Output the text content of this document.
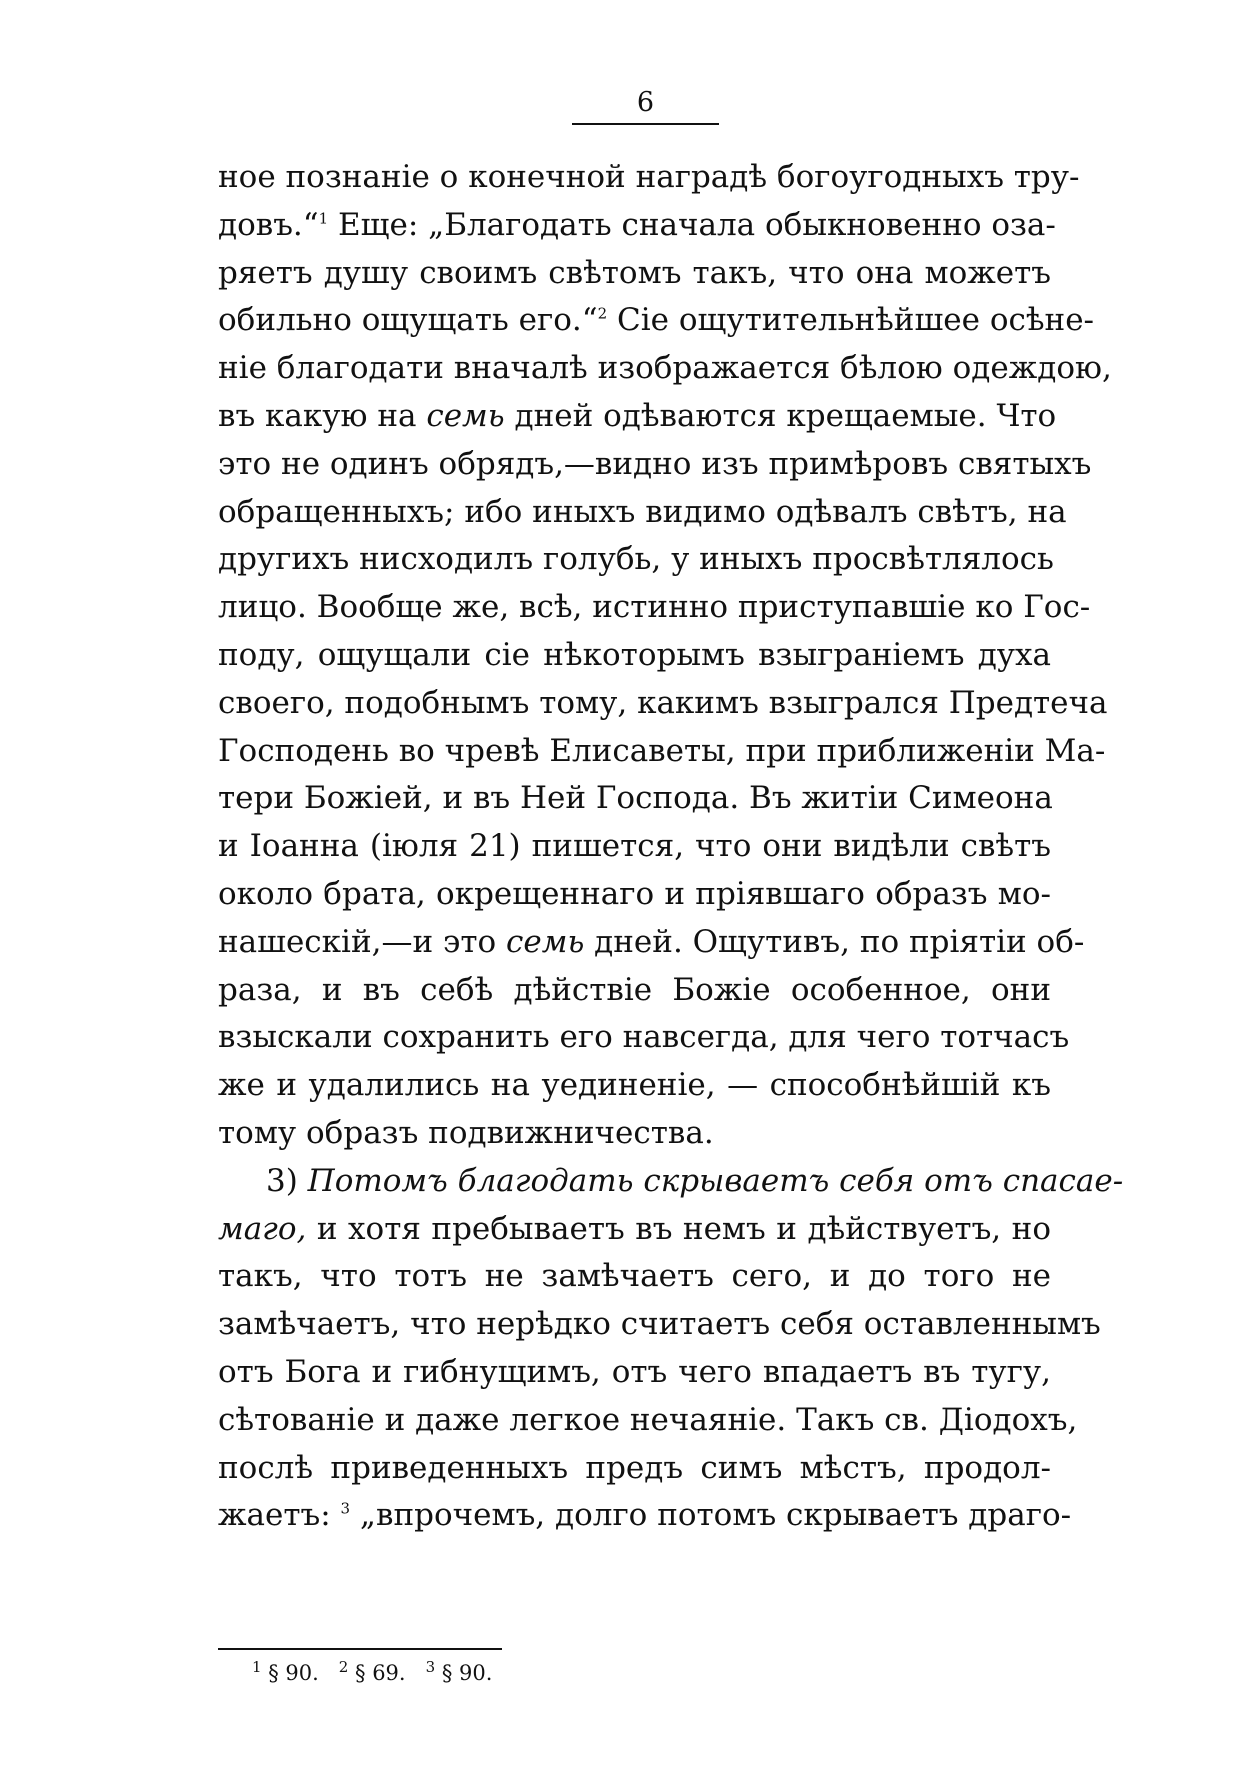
6
ное познаніе о конечной наградѣ богоугодныхъ тру-
довъ.“$^1$ Еще: „Благодать сначала обыкновенно оза-
ряетъ душу своимъ свѣтомъ такъ, что она можетъ
обильно ощущать его.“$^2$ Сіе ощутительнѣйшее осѣне-
ніе благодати вначалѣ изображается бѣлою одеждою,
въ какую на семь дней одѣваются крещаемые. Что
это не одинъ обрядъ,—видно изъ примѣровъ святыхъ
обращенныхъ; ибо иныхъ видимо одѣвалъ свѣтъ, на
другихъ нисходилъ голубь, у иныхъ просвѣтлялось
лицо. Вообще же, всѣ, истинно приступавшіе ко Гос-
поду, ощущали сіе нѣкоторымъ взыграніемъ духа
своего, подобнымъ тому, какимъ взыгрался Предтеча
Господень во чревѣ Елисаветы, при приближеніи Ма-
тери Божіей, и въ Ней Господа. Въ житіи Симеона
и Іоанна (іюля 21) пишется, что они видѣли свѣтъ
около брата, окрещеннаго и пріявшаго образъ мо-
нашескій,—и это семь дней. Ощутивъ, по пріятіи об-
раза, и въ себѣ дѣйствіе Божіе особенное, они
взыскали сохранить его навсегда, для чего тотчасъ
же и удалились на уединеніе, — способнѣйшій къ
тому образъ подвижничества.
3) Потомъ благодать скрываетъ себя отъ спасае-
маго, и хотя пребываетъ въ немъ и дѣйствуетъ, но
такъ, что тотъ не замѣчаетъ сего, и до того не
замѣчаетъ, что нерѣдко считаетъ себя оставленнымъ
отъ Бога и гибнущимъ, отъ чего впадаетъ въ тугу,
сѣтованіе и даже легкое нечаяніе. Такъ св. Діодохъ,
послѣ приведенныхъ предъ симъ мѣстъ, продол-
жаетъ: $^3$ „впрочемъ, долго потомъ скрываетъ драго-
$^1$ § 90. $^2$ § 69. $^3$ § 90.
